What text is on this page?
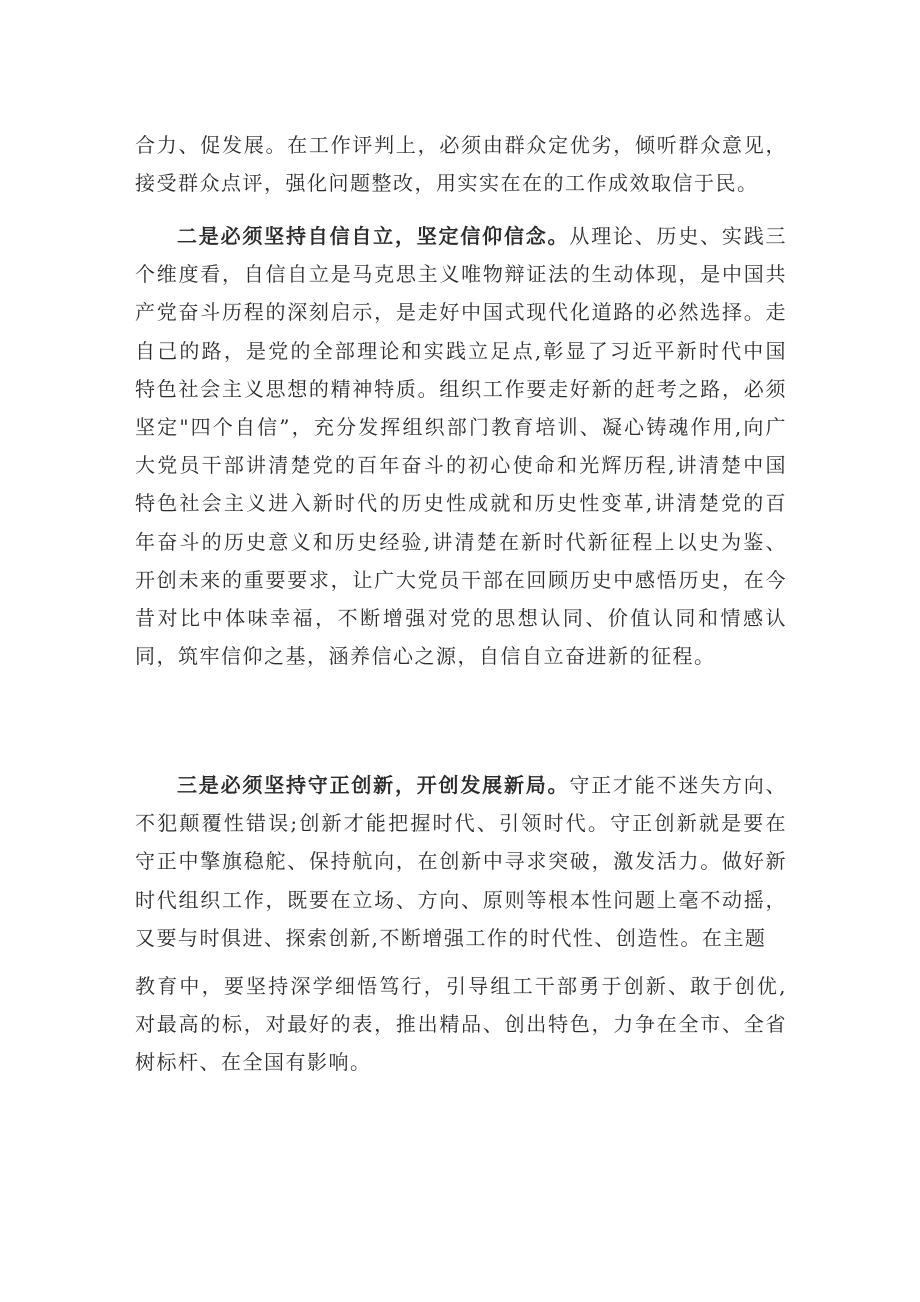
合力、促发展。在工作评判上，必须由群众定优劣，倾听群众意见，接受群众点评，强化问题整改，用实实在在的工作成效取信于民。

二是必须坚持自信自立，坚定信仰信念。从理论、历史、实践三个维度看，自信自立是马克思主义唯物辩证法的生动体现，是中国共产党奋斗历程的深刻启示，是走好中国式现代化道路的必然选择。走自己的路，是党的全部理论和实践立足点,彰显了习近平新时代中国特色社会主义思想的精神特质。组织工作要走好新的赶考之路，必须坚定"四个自信”，充分发挥组织部门教育培训、凝心铸魂作用,向广大党员干部讲清楚党的百年奋斗的初心使命和光辉历程,讲清楚中国特色社会主义进入新时代的历史性成就和历史性变革,讲清楚党的百年奋斗的历史意义和历史经验,讲清楚在新时代新征程上以史为鉴、开创未来的重要要求，让广大党员干部在回顾历史中感悟历史，在今昔对比中体味幸福，不断增强对党的思想认同、价值认同和情感认同，筑牢信仰之基，涵养信心之源，自信自立奋进新的征程。

三是必须坚持守正创新，开创发展新局。守正才能不迷失方向、不犯颠覆性错误;创新才能把握时代、引领时代。守正创新就是要在守正中擎旗稳舵、保持航向，在创新中寻求突破，激发活力。做好新时代组织工作，既要在立场、方向、原则等根本性问题上毫不动摇，又要与时俱进、探索创新,不断增强工作的时代性、创造性。在主题

教育中，要坚持深学细悟笃行，引导组工干部勇于创新、敢于创优,对最高的标，对最好的表，推出精品、创出特色，力争在全市、全省树标杆、在全国有影响。
